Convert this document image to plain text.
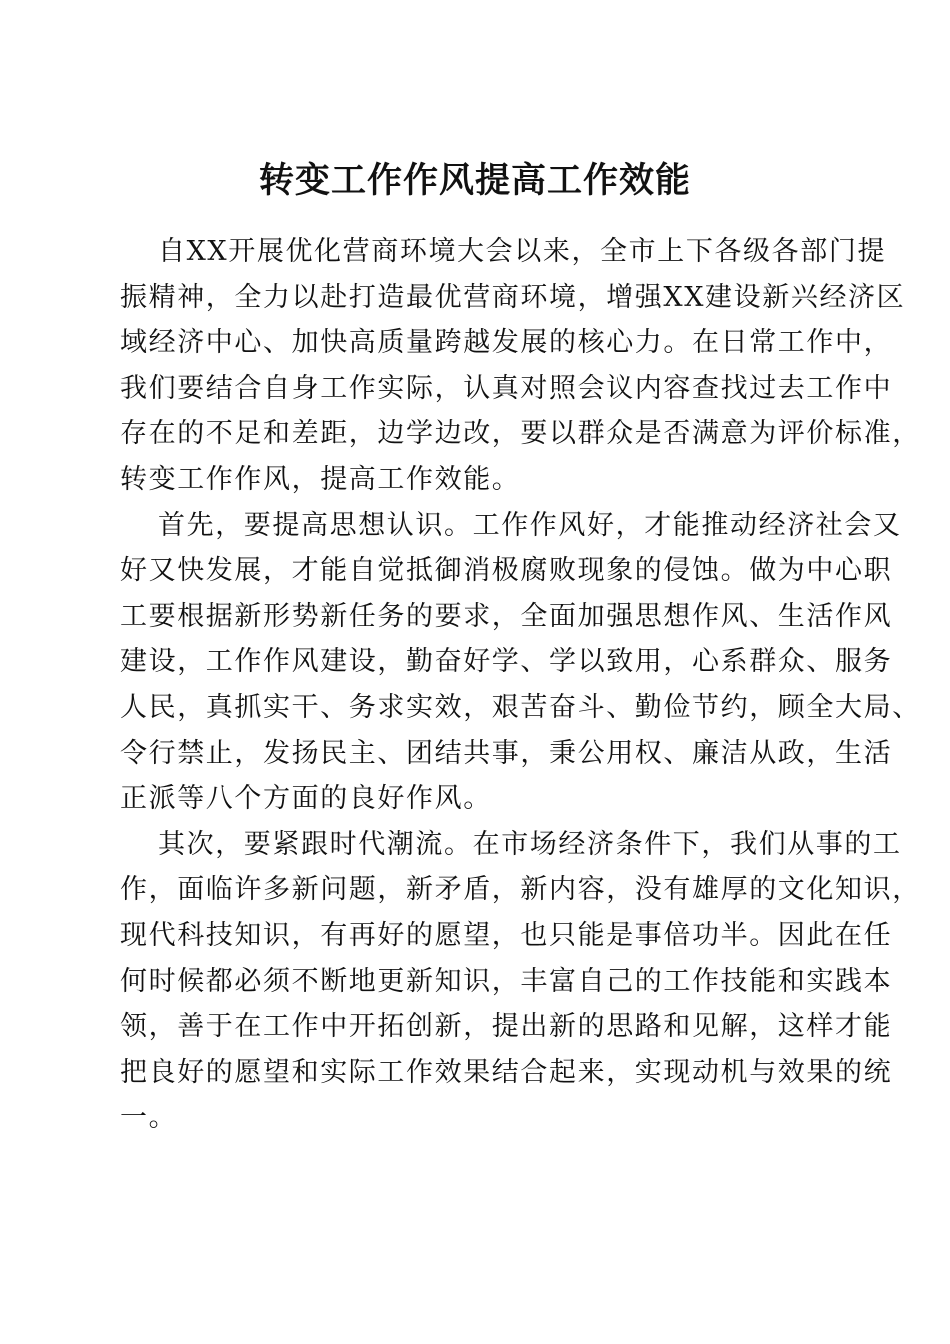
转变工作作风提高工作效能
自XX开展优化营商环境大会以来，全市上下各级各部门提
振精神，全力以赴打造最优营商环境，增强XX建设新兴经济区
域经济中心、加快高质量跨越发展的核心力。在日常工作中，
我们要结合自身工作实际，认真对照会议内容查找过去工作中
存在的不足和差距，边学边改，要以群众是否满意为评价标准，
转变工作作风，提高工作效能。
首先，要提高思想认识。工作作风好，才能推动经济社会又
好又快发展，才能自觉抵御消极腐败现象的侵蚀。做为中心职
工要根据新形势新任务的要求，全面加强思想作风、生活作风
建设，工作作风建设，勤奋好学、学以致用，心系群众、服务
人民，真抓实干、务求实效，艰苦奋斗、勤俭节约，顾全大局、
令行禁止，发扬民主、团结共事，秉公用权、廉洁从政，生活
正派等八个方面的良好作风。
其次，要紧跟时代潮流。在市场经济条件下，我们从事的工
作，面临许多新问题，新矛盾，新内容，没有雄厚的文化知识，
现代科技知识，有再好的愿望，也只能是事倍功半。因此在任
何时候都必须不断地更新知识，丰富自己的工作技能和实践本
领，善于在工作中开拓创新，提出新的思路和见解，这样才能
把良好的愿望和实际工作效果结合起来，实现动机与效果的统
一。
